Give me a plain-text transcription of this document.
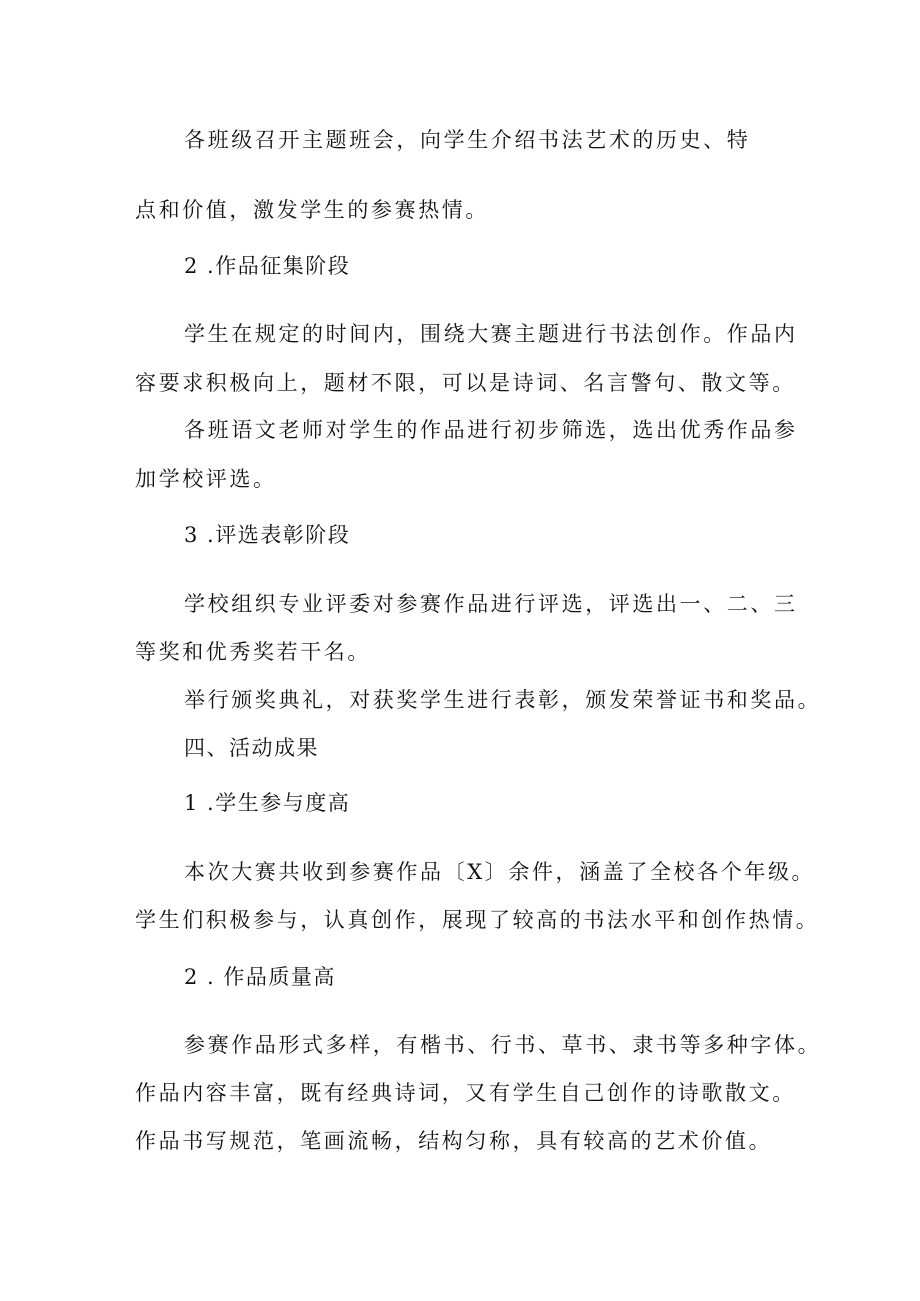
各班级召开主题班会，向学生介绍书法艺术的历史、特
点和价值，激发学生的参赛热情。
2 .作品征集阶段
学生在规定的时间内，围绕大赛主题进行书法创作。作品内
容要求积极向上，题材不限，可以是诗词、名言警句、散文等。
各班语文老师对学生的作品进行初步筛选，选出优秀作品参
加学校评选。
3 .评选表彰阶段
学校组织专业评委对参赛作品进行评选，评选出一、二、三
等奖和优秀奖若干名。
举行颁奖典礼，对获奖学生进行表彰，颁发荣誉证书和奖品。
四、活动成果
1 .学生参与度高
本次大赛共收到参赛作品〔X〕余件，涵盖了全校各个年级。
学生们积极参与，认真创作，展现了较高的书法水平和创作热情。
2 . 作品质量高
参赛作品形式多样，有楷书、行书、草书、隶书等多种字体。
作品内容丰富，既有经典诗词，又有学生自己创作的诗歌散文。
作品书写规范，笔画流畅，结构匀称，具有较高的艺术价值。
